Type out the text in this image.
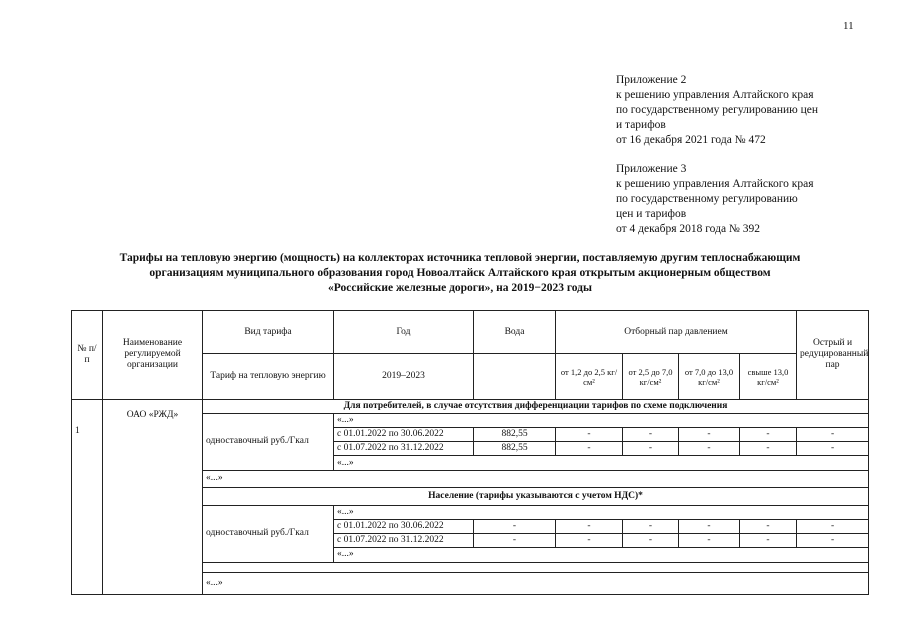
11
Приложение 2
к решению управления Алтайского края
по государственному регулированию цен
и тарифов
от 16 декабря 2021 года № 472
Приложение 3
к решению управления Алтайского края
по государственному регулированию
цен и тарифов
от 4 декабря 2018 года № 392
Тарифы на тепловую энергию (мощность) на коллекторах источника тепловой энергии, поставляемую другим теплоснабжающим
организациям муниципального образования город Новоалтайск Алтайского края открытым акционерным обществом
«Российские железные дороги», на 2019−2023 годы
№ п/п	Наименование регулируемой организации	Вид тарифа	Год	Вода	Отборный пар давлением				Острый и редуцированный пар
		Тариф на тепловую энергию	2019–2023		от 1,2 до 2,5 кг/см²	от 2,5 до 7,0 кг/см²	от 7,0 до 13,0 кг/см²	свыше 13,0 кг/см²	
1	ОАО «РЖД»	Для потребителей, в случае отсутствия дифференциации тарифов по схеме подключения							
		одноставочный руб./Гкал	«...»						
			с 01.01.2022 по 30.06.2022	882,55	-	-	-	-	-
			с 01.07.2022 по 31.12.2022	882,55	-	-	-	-	-
			«...»						
		«...»							
		Население (тарифы указываются с учетом НДС)*							
		одноставочный руб./Гкал	«...»						
			с 01.01.2022 по 30.06.2022	-	-	-	-	-	-
			с 01.07.2022 по 31.12.2022	-	-	-	-	-	-
			«...»						

		«...»							
